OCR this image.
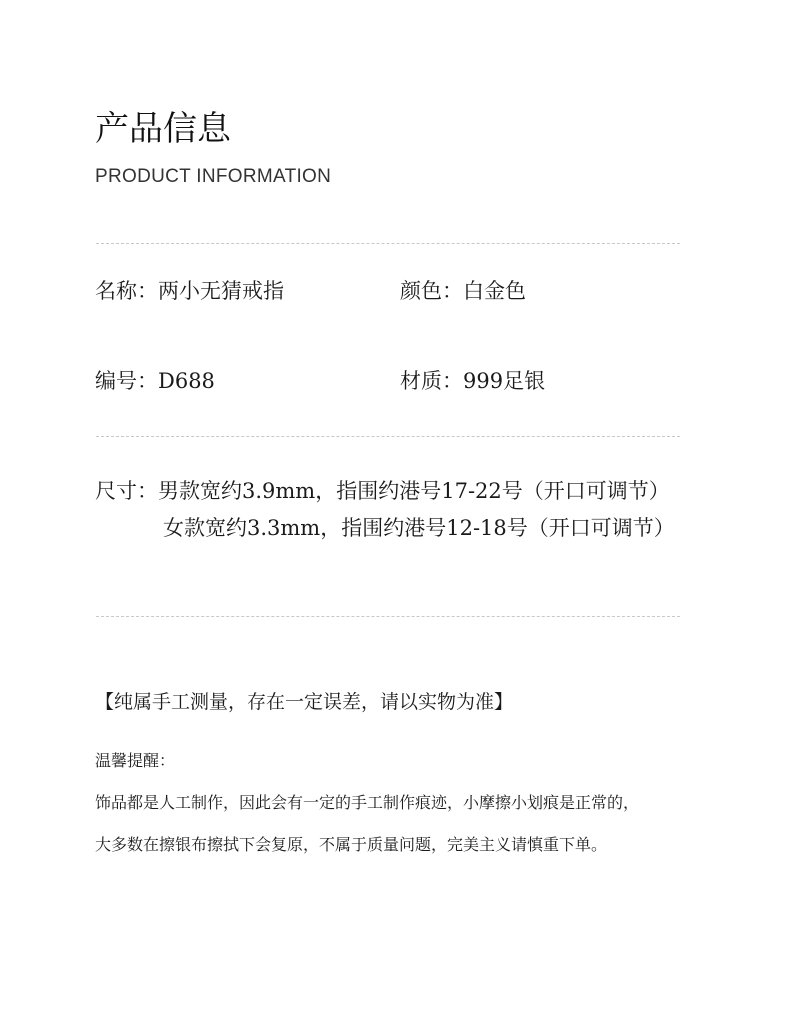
产品信息
PRODUCT INFORMATION
名称：两小无猜戒指	颜色：白金色
编号：D688	材质：999足银
尺寸：男款宽约3.9mm，指围约港号17-22号（开口可调节）
女款宽约3.3mm，指围约港号12-18号（开口可调节）
【纯属手工测量，存在一定误差，请以实物为准】
温馨提醒：
饰品都是人工制作，因此会有一定的手工制作痕迹，小摩擦小划痕是正常的，
大多数在擦银布擦拭下会复原，不属于质量问题，完美主义请慎重下单。
